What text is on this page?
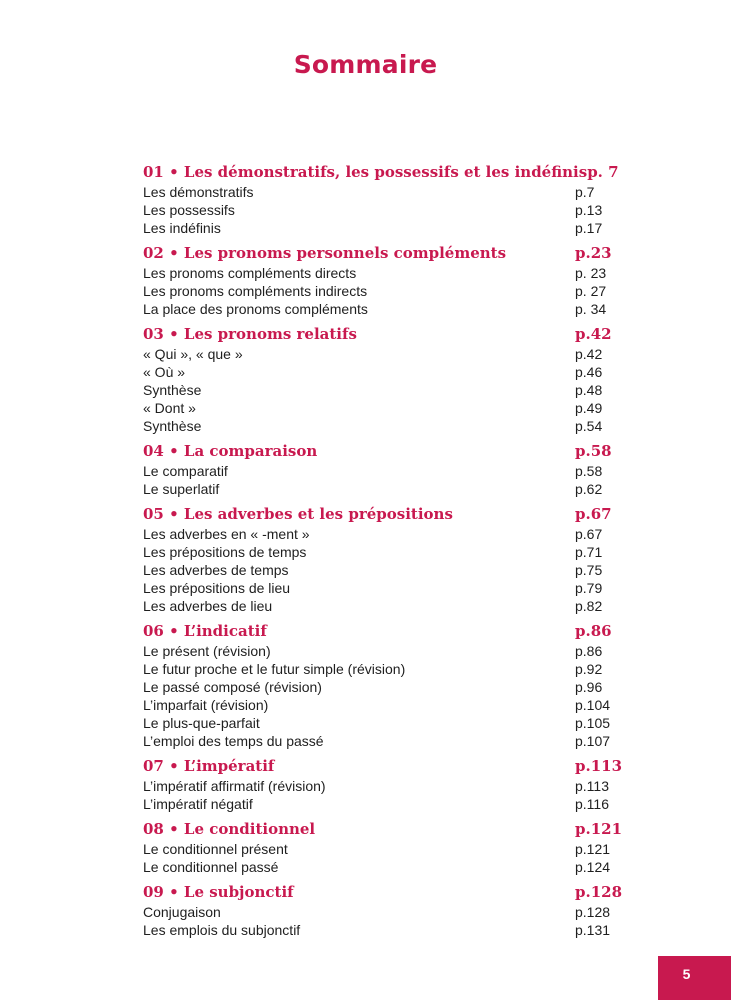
Sommaire
01 • Les démonstratifs, les possessifs et les indéfinis p. 7
Les démonstratifs	p.7
Les possessifs	p.13
Les indéfinis	p.17
02 • Les pronoms personnels compléments	p.23
Les pronoms compléments directs	p. 23
Les pronoms compléments indirects	p. 27
La place des pronoms compléments	p. 34
03 • Les pronoms relatifs	p.42
« Qui », « que »	p.42
« Où »	p.46
Synthèse	p.48
« Dont »	p.49
Synthèse	p.54
04 • La comparaison	p.58
Le comparatif	p.58
Le superlatif	p.62
05 • Les adverbes et les prépositions	p.67
Les adverbes en « -ment »	p.67
Les prépositions de temps	p.71
Les adverbes de temps	p.75
Les prépositions de lieu	p.79
Les adverbes de lieu	p.82
06 • L’indicatif	p.86
Le présent (révision)	p.86
Le futur proche et le futur simple (révision)	p.92
Le passé composé (révision)	p.96
L’imparfait (révision)	p.104
Le plus-que-parfait	p.105
L’emploi des temps du passé	p.107
07 • L’impératif	p.113
L’impératif affirmatif (révision)	p.113
L’impératif négatif	p.116
08 • Le conditionnel	p.121
Le conditionnel présent	p.121
Le conditionnel passé	p.124
09 • Le subjonctif	p.128
Conjugaison	p.128
Les emplois du subjonctif	p.131
5
